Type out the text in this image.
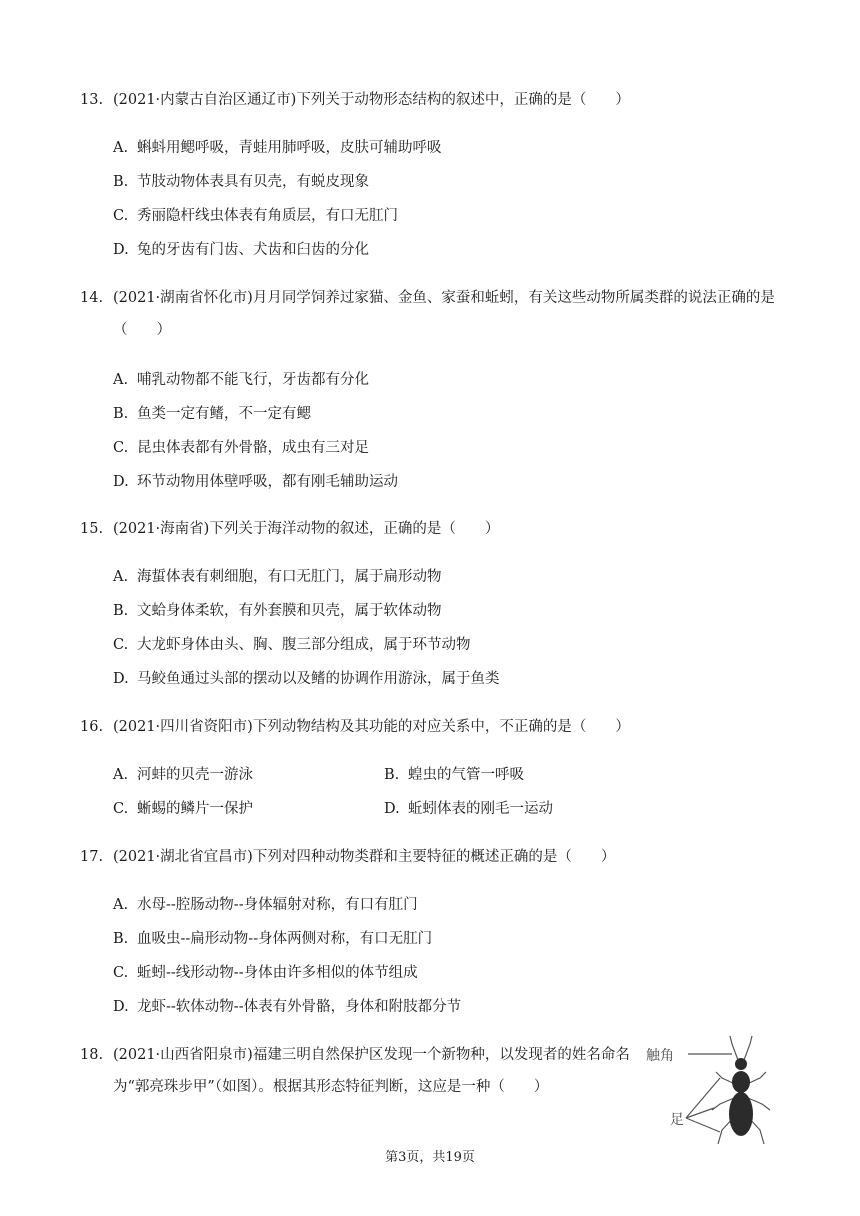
13. (2021·内蒙古自治区通辽市)下列关于动物形态结构的叙述中，正确的是（　　）
A. 蝌蚪用鳃呼吸，青蛙用肺呼吸，皮肤可辅助呼吸
B. 节肢动物体表具有贝壳，有蜕皮现象
C. 秀丽隐杆线虫体表有角质层，有口无肛门
D. 兔的牙齿有门齿、犬齿和臼齿的分化
14. (2021·湖南省怀化市)月月同学饲养过家猫、金鱼、家蚕和蚯蚓，有关这些动物所属类群的说法正确的是（　　）
A. 哺乳动物都不能飞行，牙齿都有分化
B. 鱼类一定有鳍，不一定有鳃
C. 昆虫体表都有外骨骼，成虫有三对足
D. 环节动物用体壁呼吸，都有刚毛辅助运动
15. (2021·海南省)下列关于海洋动物的叙述，正确的是（　　）
A. 海蜇体表有刺细胞，有口无肛门，属于扁形动物
B. 文蛤身体柔软，有外套膜和贝壳，属于软体动物
C. 大龙虾身体由头、胸、腹三部分组成，属于环节动物
D. 马鲛鱼通过头部的摆动以及鳍的协调作用游泳，属于鱼类
16. (2021·四川省资阳市)下列动物结构及其功能的对应关系中，不正确的是（　　）
A. 河蚌的贝壳一游泳	B. 蝗虫的气管一呼吸
C. 蜥蜴的鳞片一保护	D. 蚯蚓体表的刚毛一运动
17. (2021·湖北省宜昌市)下列对四种动物类群和主要特征的概述正确的是（　　）
A. 水母--腔肠动物--身体辐射对称，有口有肛门
B. 血吸虫--扁形动物--身体两侧对称，有口无肛门
C. 蚯蚓--线形动物--身体由许多相似的体节组成
D. 龙虾--软体动物--体表有外骨骼，身体和附肢都分节
18. (2021·山西省阳泉市)福建三明自然保护区发现一个新物种，以发现者的姓名命名为“郭亮珠步甲”（如图）。根据其形态特征判断，这应是一种（　　）
触角
足
第3页，共19页
